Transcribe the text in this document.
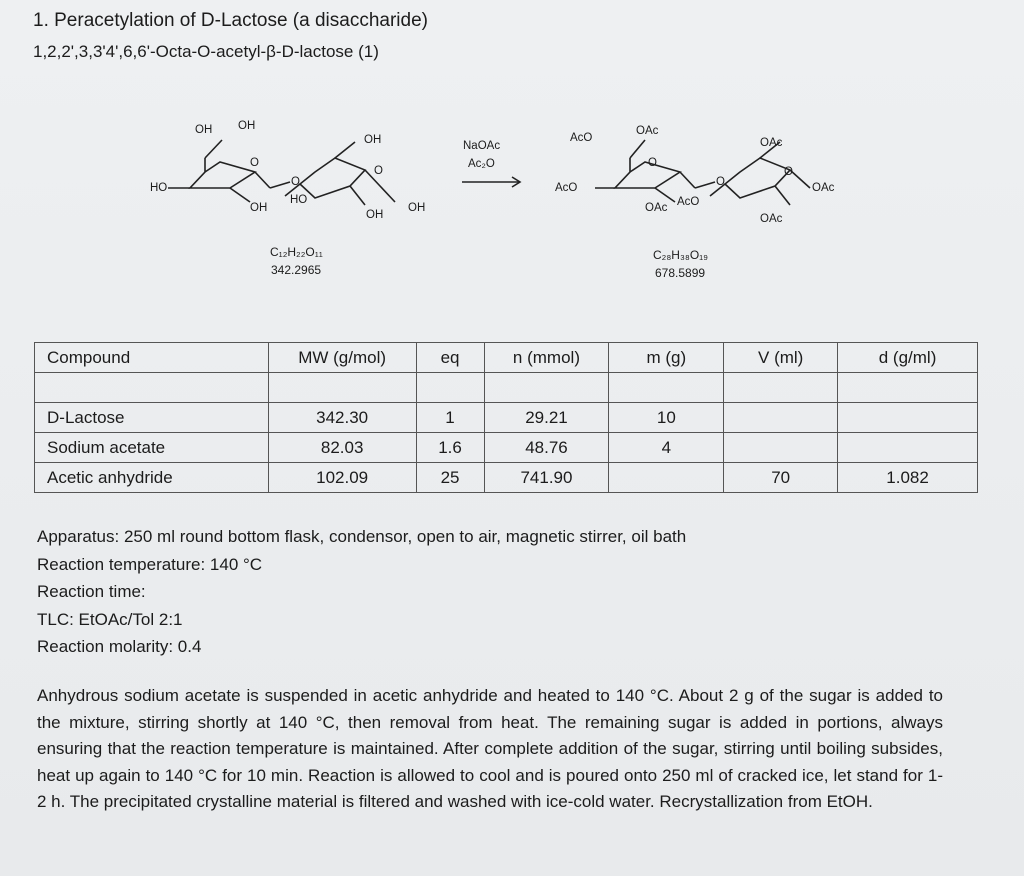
1. Peracetylation of D-Lactose (a disaccharide)
1,2,2',3,3'4',6,6'-Octa-O-acetyl-β-D-lactose (1)
OH OH
OH
O
HO	O
O
OH
HO
OH
OH
C₁₂H₂₂O₁₁
342.2965
NaOAc
Ac₂O
AcO
OAc
OAc
O
AcO	O
O
OAc
OAc AcO
OAc
C₂₈H₃₈O₁₉
678.5899
Compound	MW (g/mol)	eq	n (mmol)	m (g)	V (ml)	d (g/ml)

D-Lactose	342.30	1	29.21	10		
Sodium acetate	82.03	1.6	48.76	4		
Acetic anhydride	102.09	25	741.90		70	1.082
Apparatus: 250 ml round bottom flask, condensor, open to air, magnetic stirrer, oil bath
Reaction temperature: 140 °C
Reaction time:
TLC: EtOAc/Tol 2:1
Reaction molarity: 0.4
Anhydrous sodium acetate is suspended in acetic anhydride and heated to 140 °C. About 2 g of the sugar is added to the mixture, stirring shortly at 140 °C, then removal from heat. The remaining sugar is added in portions, always ensuring that the reaction temperature is maintained. After complete addition of the sugar, stirring until boiling subsides, heat up again to 140 °C for 10 min. Reaction is allowed to cool and is poured onto 250 ml of cracked ice, let stand for 1-2 h. The precipitated crystalline material is filtered and washed with ice-cold water. Recrystallization from EtOH.
